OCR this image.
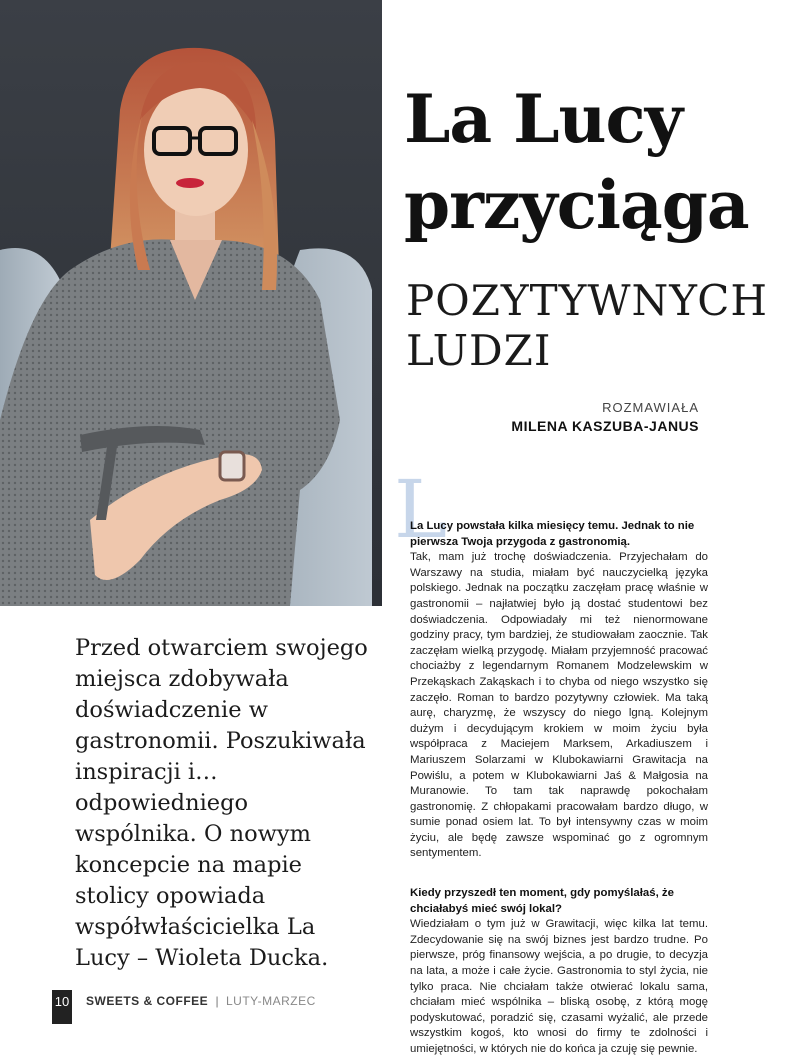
La Lucy
przyciąga
POZYTYWNYCH
LUDZI
ROZMAWIAŁA
MILENA KASZUBA-JANUS
L

La Lucy powstała kilka miesięcy temu. Jednak to nie pierwsza Twoja przygoda z gastronomią.

Tak, mam już trochę doświadczenia. Przyjechałam do Warszawy na studia, miałam być nauczycielką języka polskiego. Jednak na początku zaczęłam pracę właśnie w gastronomii – najłatwiej było ją dostać studentowi bez doświadczenia. Odpowiadały mi też nienormowane godziny pracy, tym bardziej, że studiowałam zaocznie. Tak zaczęłam wielką przygodę. Miałam przyjemność pracować chociażby z legendarnym Romanem Modzelewskim w Przekąskach Zakąskach i to chyba od niego wszystko się zaczęło. Roman to bardzo pozytywny człowiek. Ma taką aurę, charyzmę, że wszyscy do niego lgną. Kolejnym dużym i decydującym krokiem w moim życiu była współpraca z Maciejem Marksem, Arkadiuszem i Mariuszem Solarzami w Klubokawiarni Grawitacja na Powiślu, a potem w Klubokawiarni Jaś & Małgosia na Muranowie. To tam tak naprawdę pokochałam gastronomię. Z chłopakami pracowałam bardzo długo, w sumie ponad osiem lat. To był intensywny czas w moim życiu, ale będę zawsze wspominać go z ogromnym sentymentem.

Kiedy przyszedł ten moment, gdy pomyślałaś, że chciałabyś mieć swój lokal?

Wiedziałam o tym już w Grawitacji, więc kilka lat temu. Zdecydowanie się na swój biznes jest bardzo trudne. Po pierwsze, próg finansowy wejścia, a po drugie, to decyzja na lata, a może i całe życie. Gastronomia to styl życia, nie tylko praca. Nie chciałam także otwierać lokalu sama, chciałam mieć wspólnika – bliską osobę, z którą mogę podyskutować, poradzić się, czasami wyżalić, ale przede wszystkim kogoś, kto wnosi do firmy te zdolności i umiejętności, w których nie do końca ja czuję się pewnie.

Przed otwarciem swojego miejsca zdobywała doświadczenie w gastronomii. Poszukiwała inspiracji i… odpowiedniego wspólnika. O nowym koncepcie na mapie stolicy opowiada współwłaścicielka La Lucy – Wioleta Ducka.

10 SWEETS & COFFEE | LUTY-MARZEC
